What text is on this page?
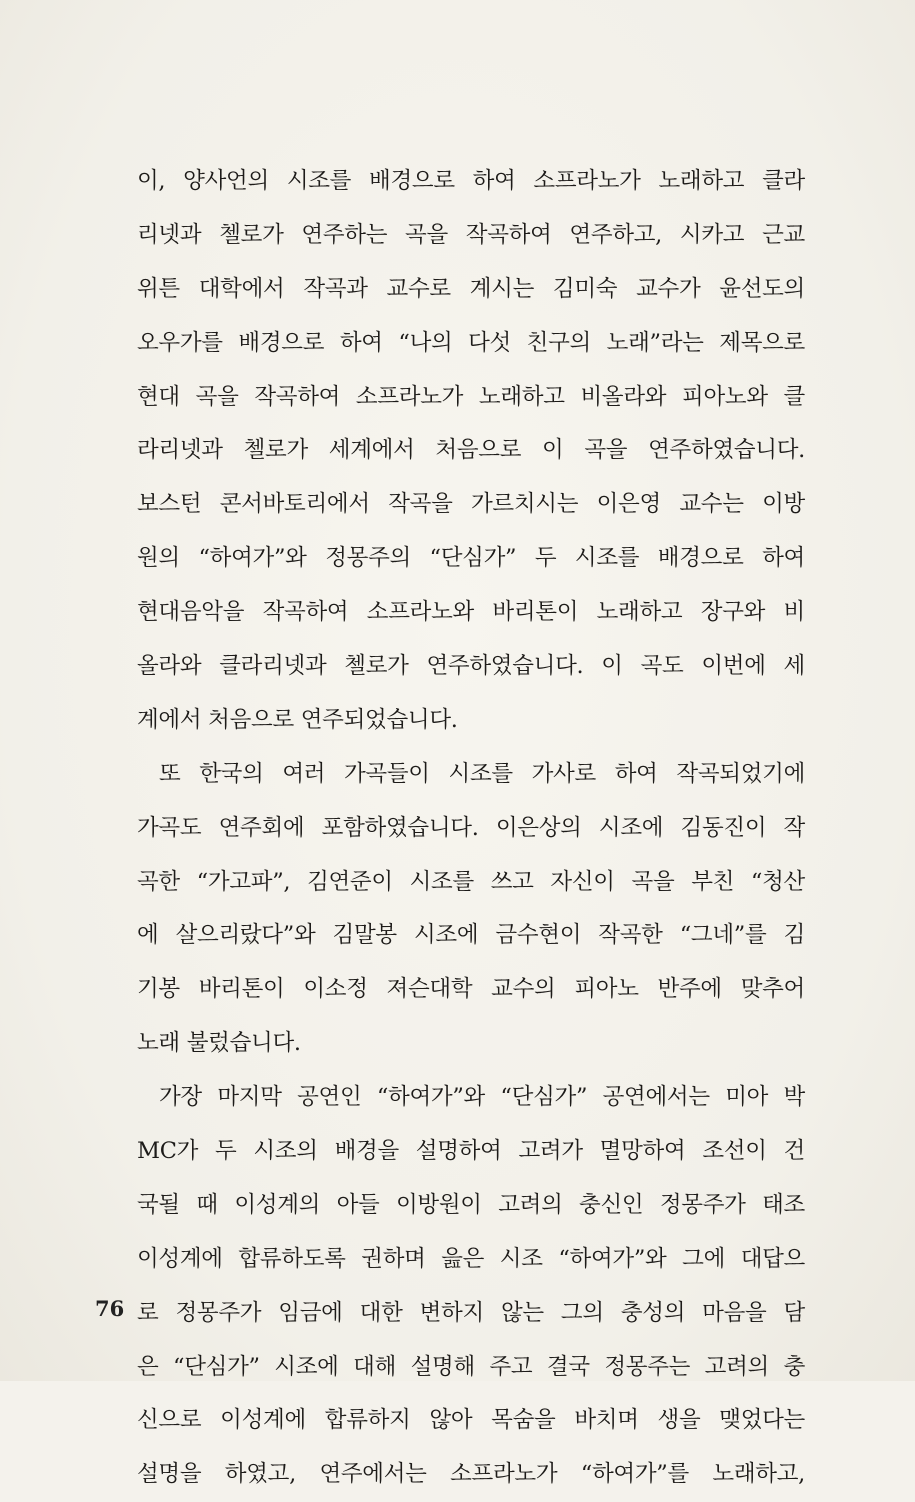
이, 양사언의 시조를 배경으로 하여 소프라노가 노래하고 클라
리넷과 첼로가 연주하는 곡을 작곡하여 연주하고, 시카고 근교
위튼 대학에서 작곡과 교수로 계시는 김미숙 교수가 윤선도의
오우가를 배경으로 하여 “나의 다섯 친구의 노래”라는 제목으로
현대 곡을 작곡하여 소프라노가 노래하고 비올라와 피아노와 클
라리넷과 첼로가 세계에서 처음으로 이 곡을 연주하였습니다.
보스턴 콘서바토리에서 작곡을 가르치시는 이은영 교수는 이방
원의 “하여가”와 정몽주의 “단심가” 두 시조를 배경으로 하여
현대음악을 작곡하여 소프라노와 바리톤이 노래하고 장구와 비
올라와 클라리넷과 첼로가 연주하였습니다. 이 곡도 이번에 세
계에서 처음으로 연주되었습니다.
또 한국의 여러 가곡들이 시조를 가사로 하여 작곡되었기에
가곡도 연주회에 포함하였습니다. 이은상의 시조에 김동진이 작
곡한 “가고파”, 김연준이 시조를 쓰고 자신이 곡을 부친 “청산
에 살으리랐다”와 김말봉 시조에 금수현이 작곡한 “그네”를 김
기봉 바리톤이 이소정 져슨대학 교수의 피아노 반주에 맞추어
노래 불렀습니다.
가장 마지막 공연인 “하여가”와 “단심가” 공연에서는 미아 박
MC가 두 시조의 배경을 설명하여 고려가 멸망하여 조선이 건
국될 때 이성계의 아들 이방원이 고려의 충신인 정몽주가 태조
이성계에 합류하도록 권하며 읊은 시조 “하여가”와 그에 대답으
로 정몽주가 임금에 대한 변하지 않는 그의 충성의 마음을 담
은 “단심가” 시조에 대해 설명해 주고 결국 정몽주는 고려의 충
신으로 이성계에 합류하지 않아 목숨을 바치며 생을 맺었다는
설명을 하였고, 연주에서는 소프라노가 “하여가”를 노래하고,
76
